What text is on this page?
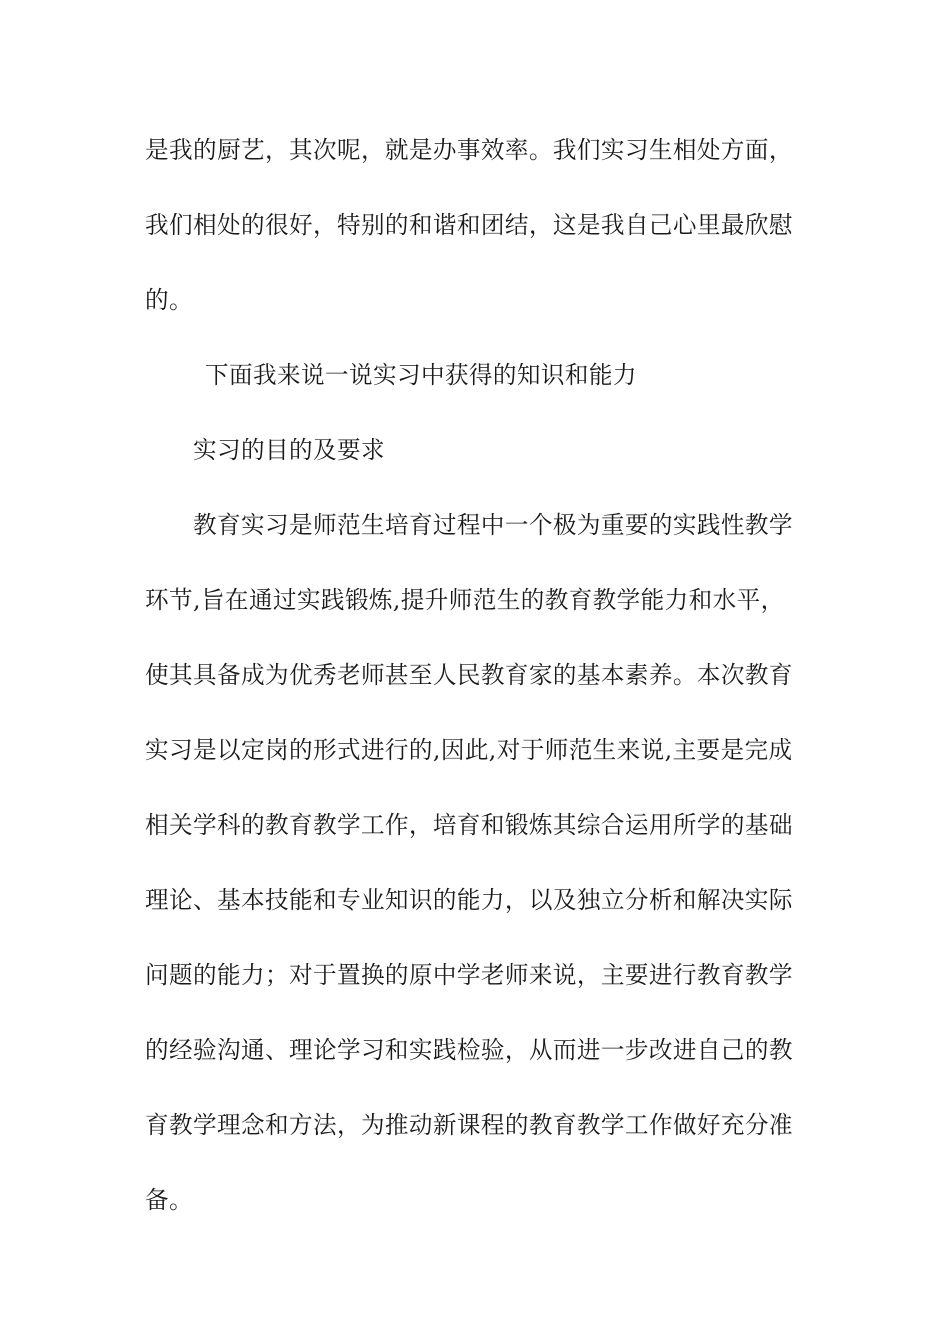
是我的厨艺，其次呢，就是办事效率。我们实习生相处方面，
我们相处的很好，特别的和谐和团结，这是我自己心里最欣慰
的。
下面我来说一说实习中获得的知识和能力
实习的目的及要求
教育实习是师范生培育过程中一个极为重要的实践性教学
环节,旨在通过实践锻炼,提升师范生的教育教学能力和水平，
使其具备成为优秀老师甚至人民教育家的基本素养。本次教育
实习是以定岗的形式进行的,因此,对于师范生来说,主要是完成
相关学科的教育教学工作，培育和锻炼其综合运用所学的基础
理论、基本技能和专业知识的能力，以及独立分析和解决实际
问题的能力；对于置换的原中学老师来说，主要进行教育教学
的经验沟通、理论学习和实践检验，从而进一步改进自己的教
育教学理念和方法，为推动新课程的教育教学工作做好充分准
备。
